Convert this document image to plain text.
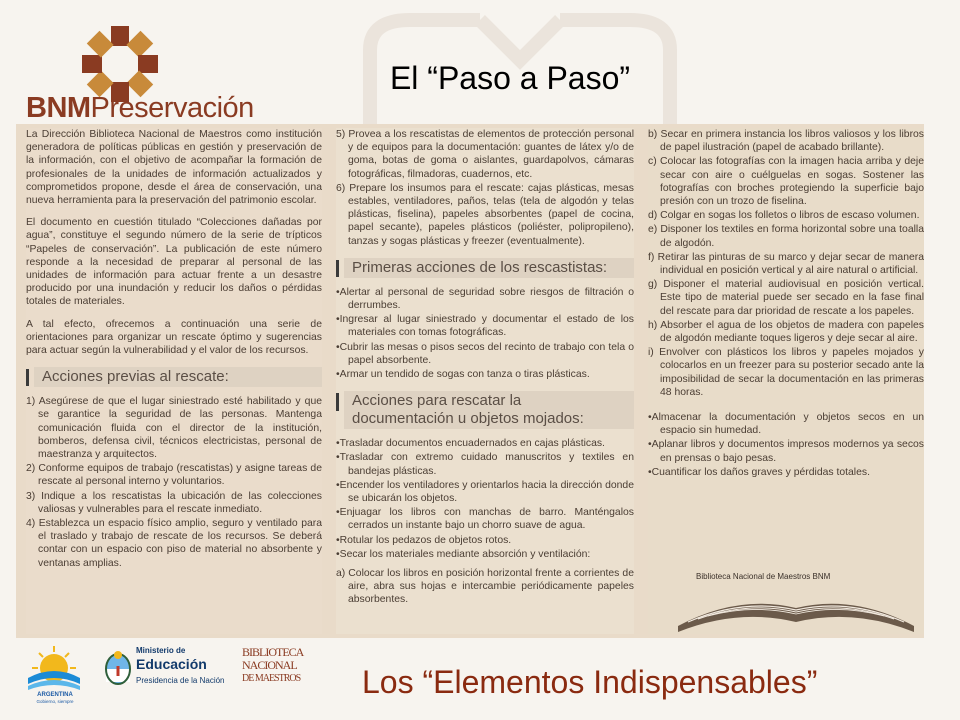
BNMPreservación
El “Paso a Paso”

La Dirección Biblioteca Nacional de Maestros como institución generadora de políticas públicas en gestión y preservación de la información, con el objetivo de acompañar la formación de profesionales de la unidades de información actualizados y comprometidos propone, desde el área de conservación, una nueva herramienta para la preservación del patrimonio escolar.

El documento en cuestión titulado “Colecciones dañadas por agua”, constituye el segundo número de la serie de trípticos “Papeles de conservación”. La publicación de este número responde a la necesidad de preparar al personal de las unidades de información para actuar frente a un desastre producido por una inundación y reducir los daños o pérdidas totales de materiales.

A tal efecto, ofrecemos a continuación una serie de orientaciones para organizar un rescate óptimo y sugerencias para actuar según la vulnerabilidad y el valor de los recursos.

Acciones previas al rescate:
1) Asegúrese de que el lugar siniestrado esté habilitado y que se garantice la seguridad de las personas. Mantenga comunicación fluida con el director de la institución, bomberos, defensa civil, técnicos electricistas, personal de maestranza y arquitectos.
2) Conforme equipos de trabajo (rescatistas) y asigne tareas de rescate al personal interno y voluntarios.
3) Indique a los rescatistas la ubicación de las colecciones valiosas y vulnerables para el rescate inmediato.
4) Establezca un espacio físico amplio, seguro y ventilado para el traslado y trabajo de rescate de los recursos. Se deberá contar con un espacio con piso de material no absorbente y ventanas amplias.
5) Provea a los rescatistas de elementos de protección personal y de equipos para la documentación: guantes de látex y/o de goma, botas de goma o aislantes, guardapolvos, cámaras fotográficas, filmadoras, cuadernos, etc.
6) Prepare los insumos para el rescate: cajas plásticas, mesas estables, ventiladores, paños, telas (tela de algodón y telas plásticas, fiselina), papeles absorbentes (papel de cocina, papel secante), papeles plásticos (poliéster, polipropileno), tanzas y sogas plásticas y freezer (eventualmente).
Primeras acciones de los rescastistas:
•Alertar al personal de seguridad sobre riesgos de filtración o derrumbes.
•Ingresar al lugar siniestrado y documentar el estado de los materiales con tomas fotográficas.
•Cubrir las mesas o pisos secos del recinto de trabajo con tela o papel absorbente.
•Armar un tendido de sogas con tanza o tiras plásticas.
Acciones para rescatar la documentación u objetos mojados:
•Trasladar documentos encuadernados en cajas plásticas.
•Trasladar con extremo cuidado manuscritos y textiles en bandejas plásticas.
•Encender los ventiladores y orientarlos hacia la dirección donde se ubicarán los objetos.
•Enjuagar los libros con manchas de barro. Manténgalos cerrados un instante bajo un chorro suave de agua.
•Rotular los pedazos de objetos rotos.
•Secar los materiales mediante absorción y ventilación:
a) Colocar los libros en posición horizontal frente a corrientes de aire, abra sus hojas e intercambie periódicamente papeles absorbentes.
b) Secar en primera instancia los libros valiosos y los libros de papel ilustración (papel de acabado brillante).
c) Colocar las fotografías con la imagen hacia arriba y deje secar con aire o cuélguelas en sogas. Sostener las fotografías con broches protegiendo la superficie bajo presión con un trozo de fiselina.
d) Colgar en sogas los folletos o libros de escaso volumen.
e) Disponer los textiles en forma horizontal sobre una toalla de algodón.
f) Retirar las pinturas de su marco y dejar secar de manera individual en posición vertical y al aire natural o artificial.
g) Disponer el material audiovisual en posición vertical. Este tipo de material puede ser secado en la fase final del rescate para dar prioridad de rescate a los papeles.
h) Absorber el agua de los objetos de madera con papeles de algodón mediante toques ligeros y deje secar al aire.
i) Envolver con plásticos los libros y papeles mojados y colocarlos en un freezer para su posterior secado ante la imposibilidad de secar la documentación en las primeras 48 horas.
•Almacenar la documentación y objetos secos en un espacio sin humedad.
•Aplanar libros y documentos impresos modernos ya secos en prensas o bajo pesas.
•Cuantificar los daños graves y pérdidas totales.
Biblioteca Nacional de Maestros BNM
ARGENTINA
Gobierno, siempre
Ministerio de
Educación
Presidencia de la Nación
BIBLIOTECA
NACIONAL
DE MAESTROS	Los “Elementos Indispensables”
